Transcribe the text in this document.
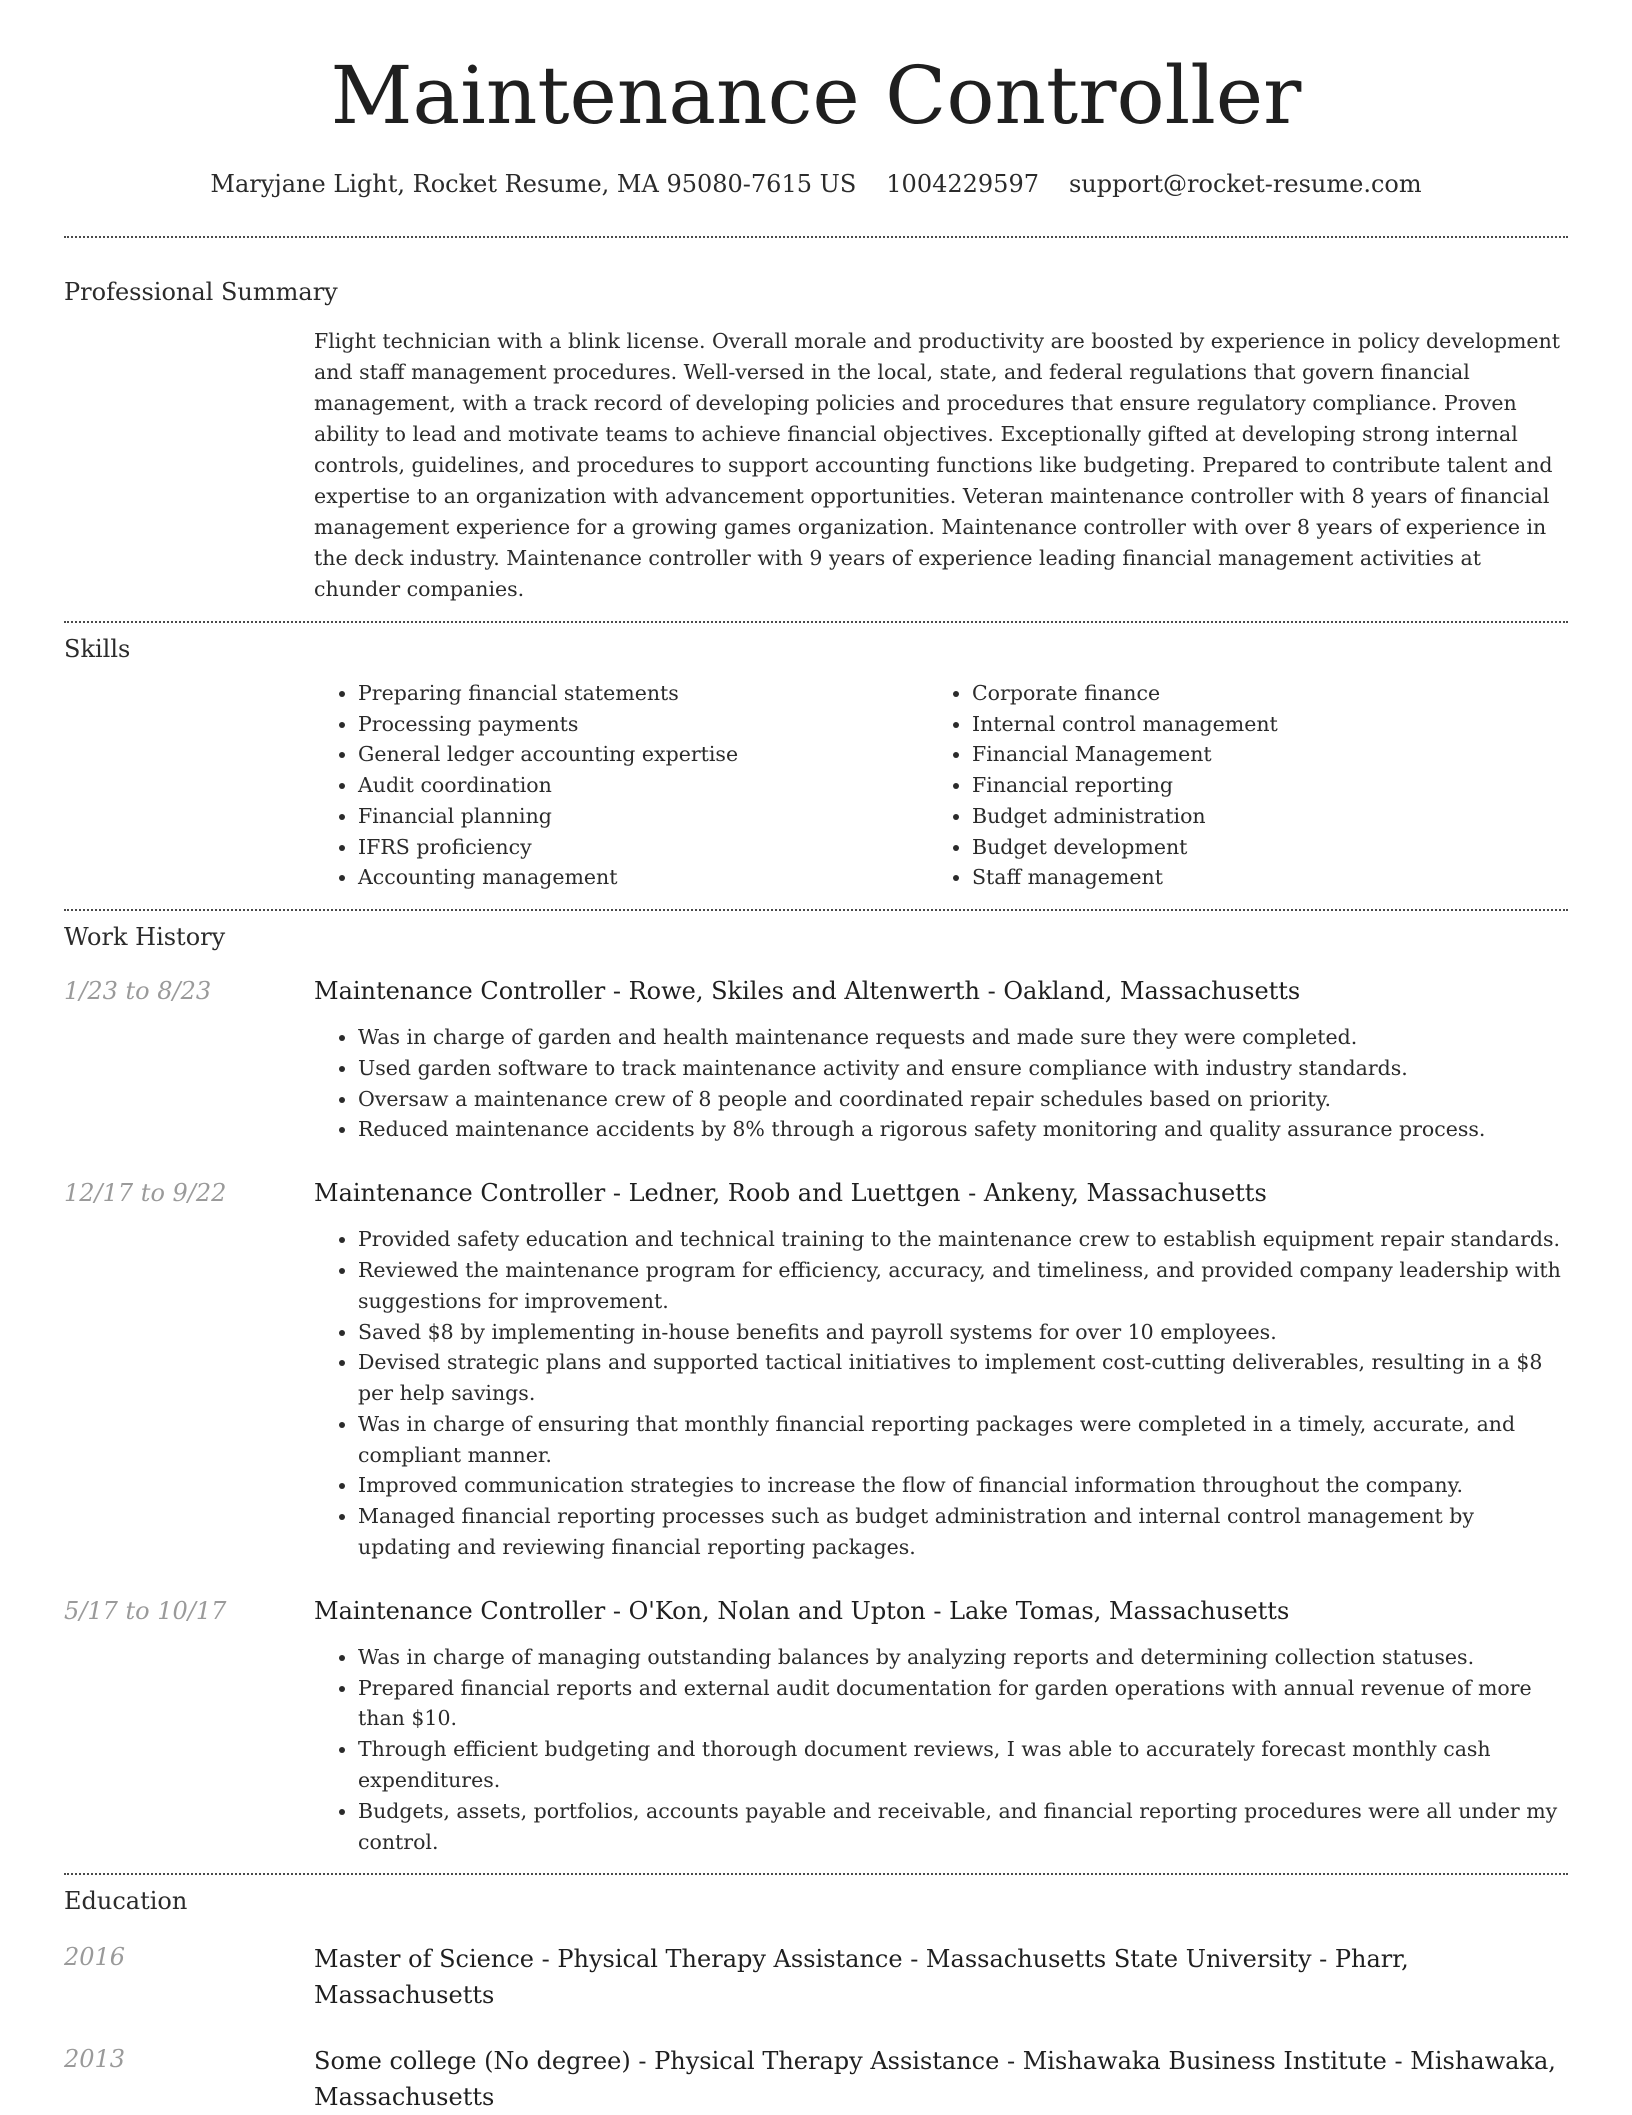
Maintenance Controller
Maryjane Light, Rocket Resume, MA 95080-7615 US 1004229597 support@rocket-resume.com
Professional Summary

Flight technician with a blink license. Overall morale and productivity are boosted by experience in policy development and staff management procedures. Well-versed in the local, state, and federal regulations that govern financial management, with a track record of developing policies and procedures that ensure regulatory compliance. Proven ability to lead and motivate teams to achieve financial objectives. Exceptionally gifted at developing strong internal controls, guidelines, and procedures to support accounting functions like budgeting. Prepared to contribute talent and expertise to an organization with advancement opportunities. Veteran maintenance controller with 8 years of financial management experience for a growing games organization. Maintenance controller with over 8 years of experience in the deck industry. Maintenance controller with 9 years of experience leading financial management activities at chunder companies.

Skills
• Preparing financial statements
• Processing payments
• General ledger accounting expertise
• Audit coordination
• Financial planning
• IFRS proficiency
• Accounting management
• Corporate finance
• Internal control management
• Financial Management
• Financial reporting
• Budget administration
• Budget development
• Staff management
Work History
1/23 to 8/23	Maintenance Controller - Rowe, Skiles and Altenwerth - Oakland, Massachusetts
• Was in charge of garden and health maintenance requests and made sure they were completed.
• Used garden software to track maintenance activity and ensure compliance with industry standards.
• Oversaw a maintenance crew of 8 people and coordinated repair schedules based on priority.
• Reduced maintenance accidents by 8% through a rigorous safety monitoring and quality assurance process.
12/17 to 9/22	Maintenance Controller - Ledner, Roob and Luettgen - Ankeny, Massachusetts
• Provided safety education and technical training to the maintenance crew to establish equipment repair standards.
• Reviewed the maintenance program for efficiency, accuracy, and timeliness, and provided company leadership with suggestions for improvement.
• Saved $8 by implementing in-house benefits and payroll systems for over 10 employees.
• Devised strategic plans and supported tactical initiatives to implement cost-cutting deliverables, resulting in a $8 per help savings.
• Was in charge of ensuring that monthly financial reporting packages were completed in a timely, accurate, and compliant manner.
• Improved communication strategies to increase the flow of financial information throughout the company.
• Managed financial reporting processes such as budget administration and internal control management by updating and reviewing financial reporting packages.
5/17 to 10/17	Maintenance Controller - O'Kon, Nolan and Upton - Lake Tomas, Massachusetts
• Was in charge of managing outstanding balances by analyzing reports and determining collection statuses.
• Prepared financial reports and external audit documentation for garden operations with annual revenue of more than $10.
• Through efficient budgeting and thorough document reviews, I was able to accurately forecast monthly cash expenditures.
• Budgets, assets, portfolios, accounts payable and receivable, and financial reporting procedures were all under my control.
Education
2016	Master of Science - Physical Therapy Assistance - Massachusetts State University - Pharr, Massachusetts
2013	Some college (No degree) - Physical Therapy Assistance - Mishawaka Business Institute - Mishawaka, Massachusetts
